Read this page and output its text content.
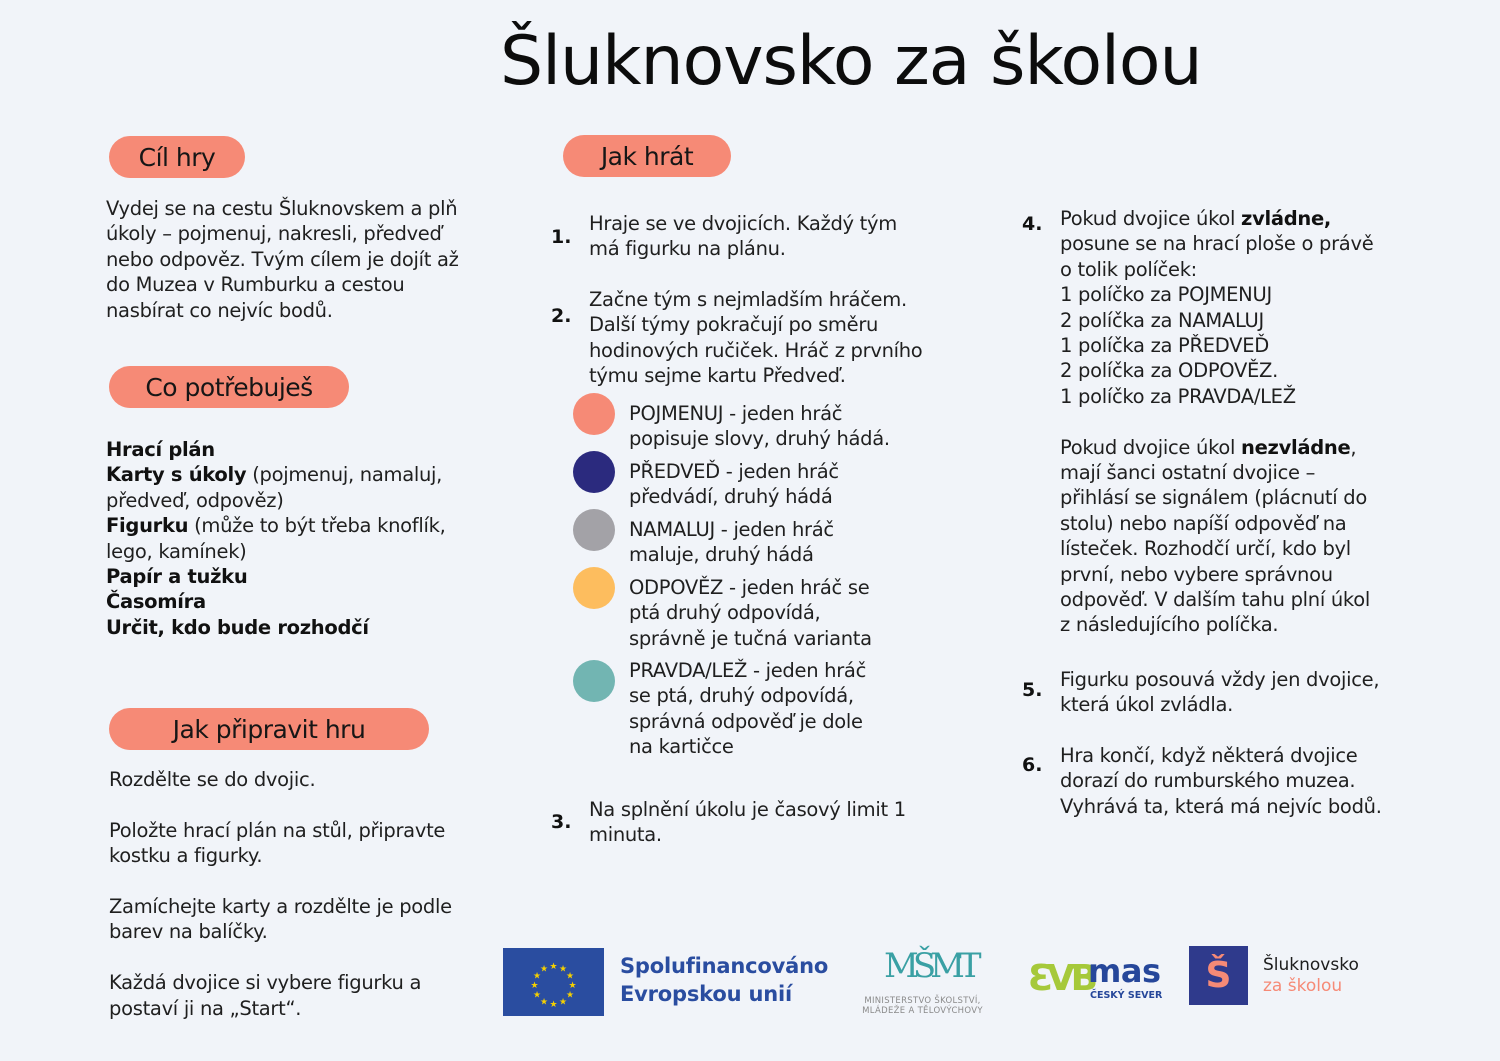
Šluknovsko za školou
Cíl hry
Vydej se na cestu Šluknovskem a plň
úkoly – pojmenuj, nakresli, předveď
nebo odpověz. Tvým cílem je dojít až
do Muzea v Rumburku a cestou
nasbírat co nejvíc bodů.
Co potřebuješ
Hrací plán
Karty s úkoly (pojmenuj, namaluj,
předveď, odpověz)
Figurku (může to být třeba knoflík,
lego, kamínek)
Papír a tužku
Časomíra
Určit, kdo bude rozhodčí
Jak připravit hru
Rozdělte se do dvojic.
Položte hrací plán na stůl, připravte
kostku a figurky.
Zamíchejte karty a rozdělte je podle
barev na balíčky.
Každá dvojice si vybere figurku a
postaví ji na „Start“.
Jak hrát
1.
Hraje se ve dvojicích. Každý tým
má figurku na plánu.
2.
Začne tým s nejmladším hráčem.
Další týmy pokračují po směru
hodinových ručiček. Hráč z prvního
týmu sejme kartu Předveď.
POJMENUJ - jeden hráč
popisuje slovy, druhý hádá.
PŘEDVEĎ - jeden hráč
předvádí, druhý hádá
NAMALUJ - jeden hráč
maluje, druhý hádá
ODPOVĚZ - jeden hráč se
ptá druhý odpovídá,
správně je tučná varianta
PRAVDA/LEŽ - jeden hráč
se ptá, druhý odpovídá,
správná odpověď je dole
na kartičce
3.
Na splnění úkolu je časový limit 1
minuta.
4. Pokud dvojice úkol zvládne,
posune se na hrací ploše o právě
o tolik políček:
1 políčko za POJMENUJ
2 políčka za NAMALUJ
1 políčka za PŘEDVEĎ
2 políčka za ODPOVĚZ.
1 políčko za PRAVDA/LEŽ
Pokud dvojice úkol nezvládne,
mají šanci ostatní dvojice –
přihlásí se signálem (plácnutí do
stolu) nebo napíší odpověď na
lísteček. Rozhodčí určí, kdo byl
první, nebo vybere správnou
odpověď. V dalším tahu plní úkol
z následujícího políčka.
5. Figurku posouvá vždy jen dvojice,
která úkol zvládla.
6. Hra končí, když některá dvojice
dorazí do rumburského muzea.
Vyhrává ta, která má nejvíc bodů.
★ ★
★
★
★
★
★
★
★
★
★
★	Spolufinancováno
Evropskou unií
MŠMT
MINISTERSTVO ŠKOLSTVÍ,
MLÁDEŽE A TĚLOVÝCHOVY
ƐVƁ
mas
ČESKÝ SEVER	Š	Šluknovsko
za školou
